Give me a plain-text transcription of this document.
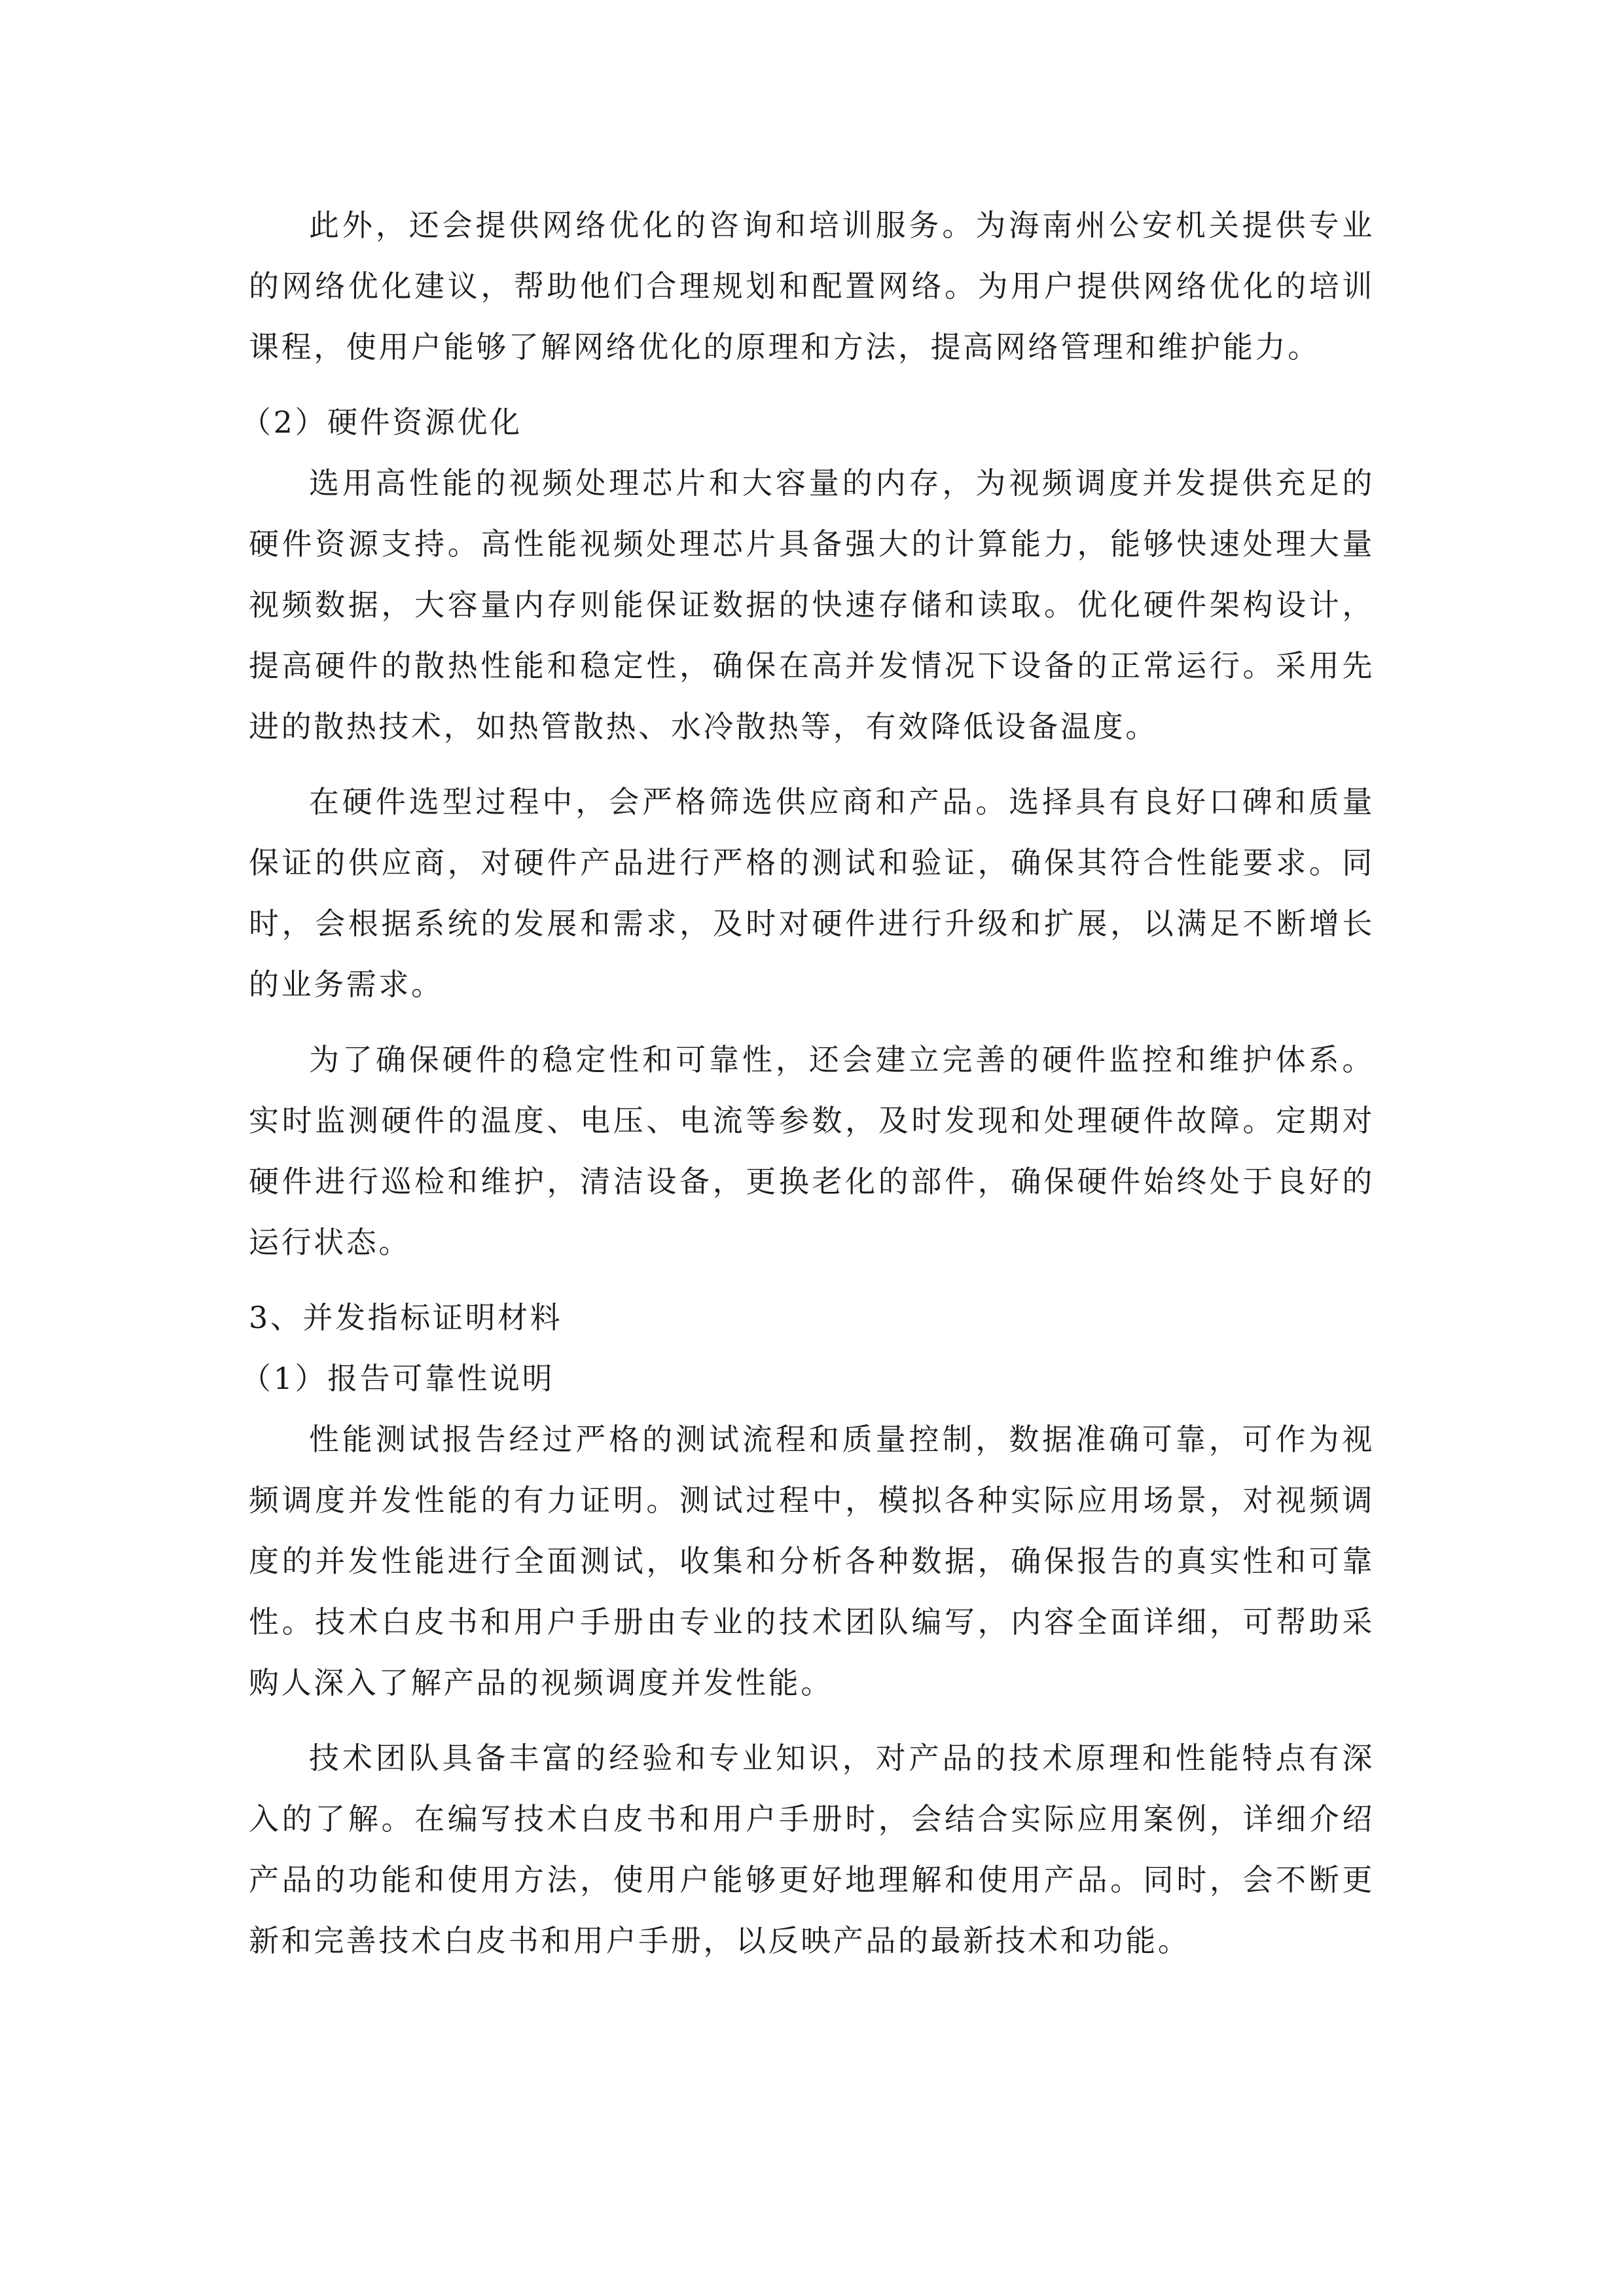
此外，还会提供网络优化的咨询和培训服务。为海南州公安机关提供专业的网络优化建议，帮助他们合理规划和配置网络。为用户提供网络优化的培训课程，使用户能够了解网络优化的原理和方法，提高网络管理和维护能力。

（2）硬件资源优化

选用高性能的视频处理芯片和大容量的内存，为视频调度并发提供充足的硬件资源支持。高性能视频处理芯片具备强大的计算能力，能够快速处理大量视频数据，大容量内存则能保证数据的快速存储和读取。优化硬件架构设计，提高硬件的散热性能和稳定性，确保在高并发情况下设备的正常运行。采用先进的散热技术，如热管散热、水冷散热等，有效降低设备温度。

在硬件选型过程中，会严格筛选供应商和产品。选择具有良好口碑和质量保证的供应商，对硬件产品进行严格的测试和验证，确保其符合性能要求。同时，会根据系统的发展和需求，及时对硬件进行升级和扩展，以满足不断增长的业务需求。

为了确保硬件的稳定性和可靠性，还会建立完善的硬件监控和维护体系。实时监测硬件的温度、电压、电流等参数，及时发现和处理硬件故障。定期对硬件进行巡检和维护，清洁设备，更换老化的部件，确保硬件始终处于良好的运行状态。

3、并发指标证明材料
（1）报告可靠性说明

性能测试报告经过严格的测试流程和质量控制，数据准确可靠，可作为视频调度并发性能的有力证明。测试过程中，模拟各种实际应用场景，对视频调度的并发性能进行全面测试，收集和分析各种数据，确保报告的真实性和可靠性。技术白皮书和用户手册由专业的技术团队编写，内容全面详细，可帮助采购人深入了解产品的视频调度并发性能。

技术团队具备丰富的经验和专业知识，对产品的技术原理和性能特点有深入的了解。在编写技术白皮书和用户手册时，会结合实际应用案例，详细介绍产品的功能和使用方法，使用户能够更好地理解和使用产品。同时，会不断更新和完善技术白皮书和用户手册，以反映产品的最新技术和功能。
